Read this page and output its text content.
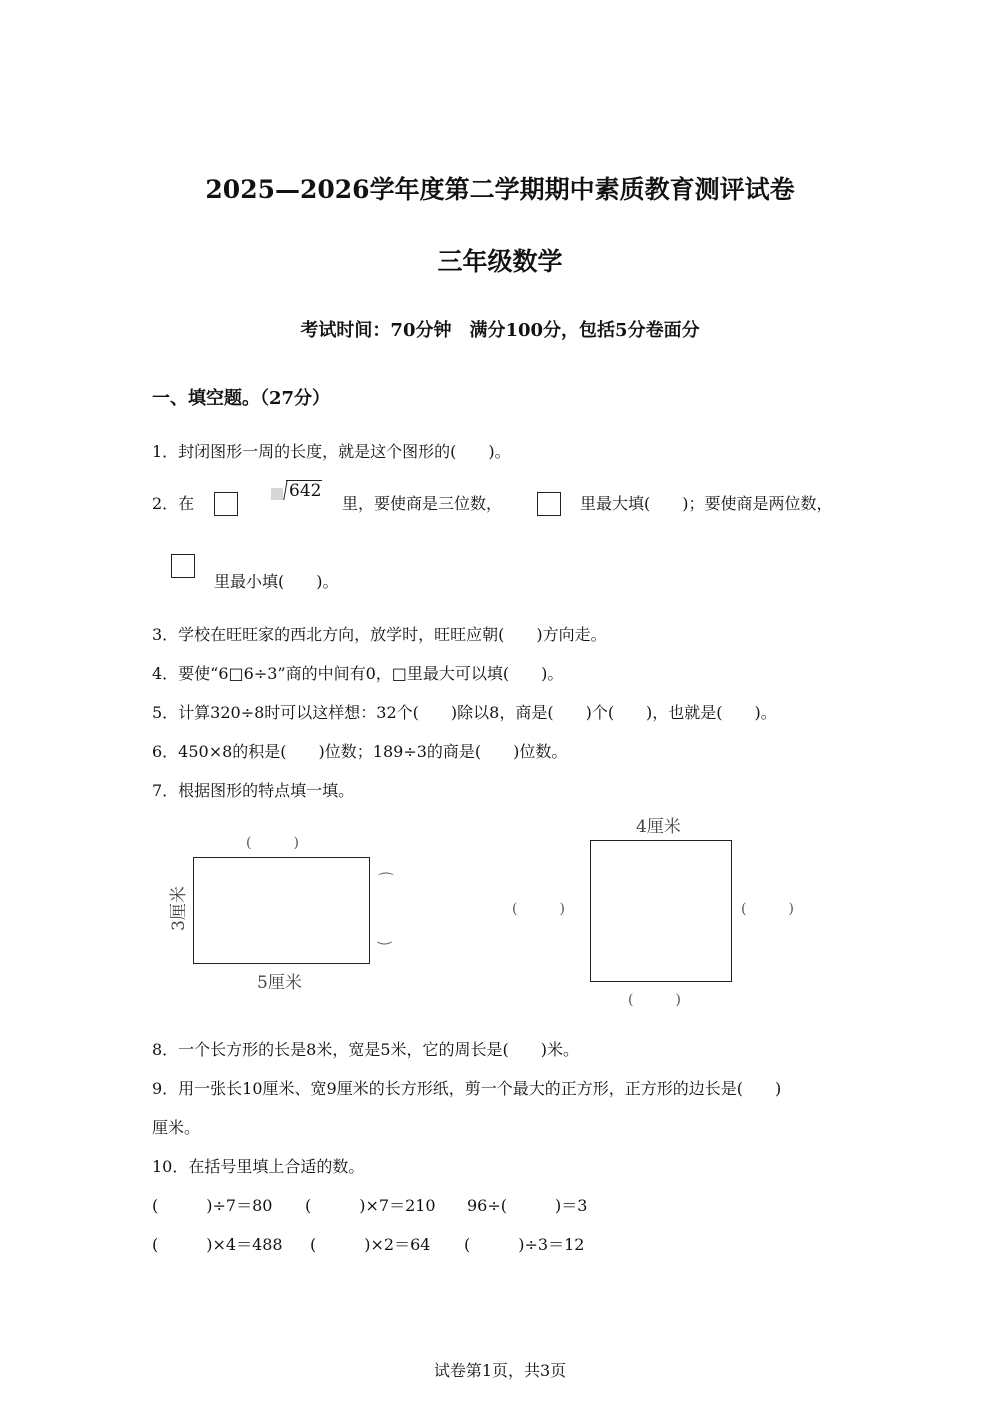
2025—2026学年度第二学期期中素质教育测评试卷
三年级数学
考试时间：70分钟　满分100分，包括5分卷面分
一、填空题。（27分）
1．封闭图形一周的长度，就是这个图形的(　　)。
2．在
642
里，要使商是三位数，	里最大填(　　)；要使商是两位数，
里最小填(　　)。
3．学校在旺旺家的西北方向，放学时，旺旺应朝(　　)方向走。
4．要使“6□6÷3”商的中间有0，□里最大可以填(　　)。
5．计算320÷8时可以这样想：32个(　　)除以8，商是(　　)个(　　)，也就是(　　)。
6．450×8的积是(　　)位数；189÷3的商是(　　)位数。
7．根据图形的特点填一填。
(　　　)
3厘米
⌒
‿
5厘米
4厘米
(　　　)	(　　　)
(　　　)
8．一个长方形的长是8米，宽是5米，它的周长是(　　)米。
9．用一张长10厘米、宽9厘米的长方形纸，剪一个最大的正方形，正方形的边长是(　　)
厘米。
10．在括号里填上合适的数。
(　　　)÷7＝80 (　　　)×7＝210 96÷(　　　)＝3
(　　　)×4＝488 (　　　)×2＝64 (　　　)÷3＝12
试卷第1页，共3页
